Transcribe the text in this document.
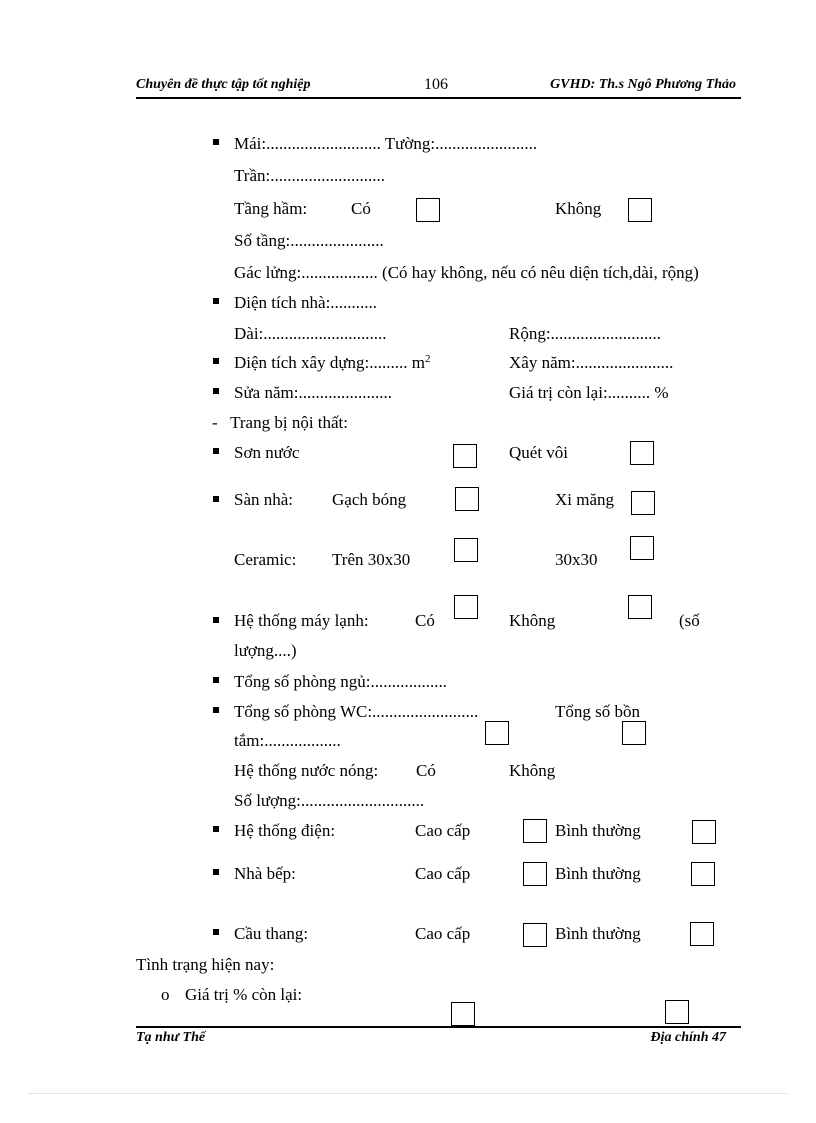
Chuyên đề thực tập tốt nghiệp	106	GVHD: Th.s Ngô Phương Thảo
Mái:........................... Tường:........................
Trần:...........................
Tầng hầm:	Có	Không
Số tầng:......................
Gác lửng:.................. (Có hay không, nếu có nêu diện tích,dài, rộng)
Diện tích nhà:...........
Dài:.............................	Rộng:..........................
Diện tích xây dựng:......... $m^2$	Xây năm:.......................
Sửa năm:......................	Giá trị còn lại:.......... %
-   Trang bị nội thất:
Sơn nước	Quét vôi
Sàn nhà: Gạch bóng	Xi măng
Ceramic: Trên 30x30	30x30
Hệ thống máy lạnh:	Có	Không	(số
lượng....)
Tổng số phòng ngủ:..................
Tổng số phòng WC:.........................	Tổng số bồn
tắm:..................
Hệ thống nước nóng: Có	Không
Số lượng:.............................
Hệ thống điện:	Cao cấp	Bình thường
Nhà bếp:	Cao cấp	Bình thường
Cầu thang:	Cao cấp	Bình thường
Tình trạng hiện nay:
o Giá trị % còn lại:
Tạ như Thế	Địa chính 47
